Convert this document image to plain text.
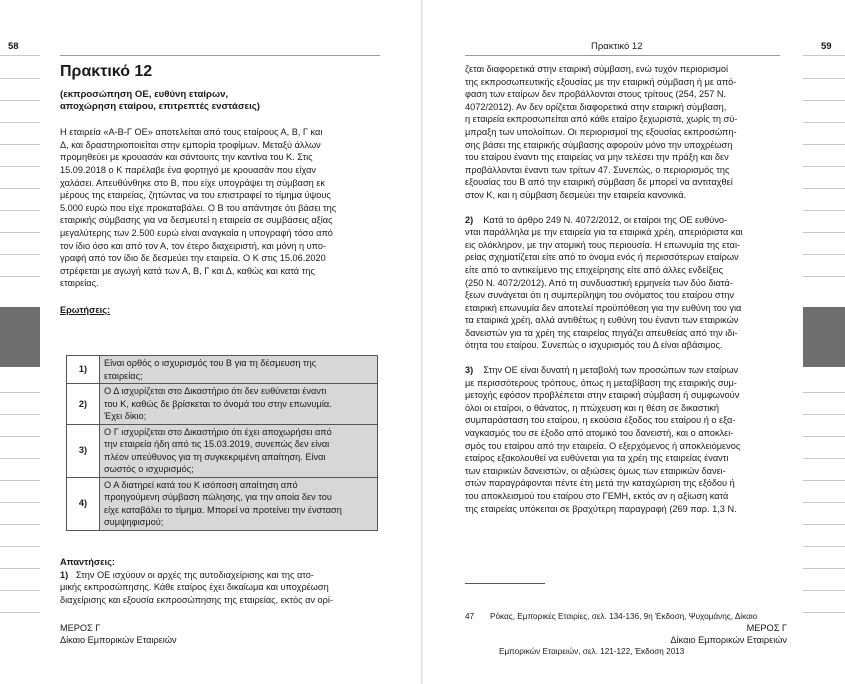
58

Πρακτικό 12

(εκπροσώπηση ΟΕ, ευθύνη εταίρων,

αποχώρηση εταίρου, επιτρεπτές ενστάσεις)

Η εταιρεία «Α-Β-Γ ΟΕ» αποτελείται από τους εταίρους Α, Β, Γ και

Δ, και δραστηριοποιείται στην εμπορία τροφίμων. Μεταξύ άλλων

προμηθεύει με κρουασάν και σάντουιτς την καντίνα του Κ. Στις

15.09.2018 ο Κ παρέλαβε ένα φορτηγό με κρουασάν που είχαν

χαλάσει. Απευθύνθηκε στο Β, που είχε υπογράψει τη σύμβαση εκ

μέρους της εταιρείας, ζητώντας να του επιστραφεί το τίμημα ύψους

5.000 ευρώ που είχε προκαταβάλει. Ο Β του απάντησε ότι βάσει της

εταιρικής σύμβασης για να δεσμευτεί η εταιρεία σε συμβάσεις αξίας

μεγαλύτερης των 2.500 ευρώ είναι αναγκαία η υπογραφή τόσο από

τον ίδιο όσο και από τον Α, τον έτερο διαχειριστή, και μόνη η υπο-

γραφή από τον ίδιο δε δεσμεύει την εταιρεία. Ο Κ στις 15.06.2020

στρέφεται με αγωγή κατά των Α, Β, Γ και Δ, καθώς και κατά της

εταιρείας.

Ερωτήσεις:

1)	Είναι ορθός ο ισχυρισμός του Β για τη δέσμευση της
εταιρείας;

2)	Ο Δ ισχυρίζεται στο Δικαστήριο ότι δεν ευθύνεται έναντι
του Κ, καθώς δε βρίσκεται το όνομά του στην επωνυμία.
Έχει δίκιο;

3)	Ο Γ ισχυρίζεται στο Δικαστήριο ότι έχει αποχωρήσει από
την εταιρεία ήδη από τις 15.03.2019, συνεπώς δεν είναι
πλέον υπεύθυνος για τη συγκεκριμένη απαίτηση. Είναι
σωστός ο ισχυρισμός;

4)	Ο Α διατηρεί κατά του Κ ισόποση απαίτηση από
προηγούμενη σύμβαση πώλησης, για την οποία δεν του
είχε καταβάλει το τίμημα. Μπορεί να προτείνει την ένσταση
συμψηφισμού;

Απαντήσεις:

1) Στην ΟΕ ισχύουν οι αρχές της αυτοδιαχείρισης και της ατο-

μικής εκπροσώπησης. Κάθε εταίρος έχει δικαίωμα και υποχρέωση

διαχείρισης και εξουσία εκπροσώπησης της εταιρείας, εκτός αν ορί-

ΜΕΡΟΣ Γ
Δίκαιο Εμπορικών Εταιρειών
Πρακτικό 12	59

ζεται διαφορετικά στην εταιρική σύμβαση, ενώ τυχόν περιορισμοί

της εκπροσωπευτικής εξουσίας με την εταιρική σύμβαση ή με από-

φαση των εταίρων δεν προβάλλονται στους τρίτους (254, 257 Ν.

4072/2012). Αν δεν ορίζεται διαφορετικά στην εταιρική σύμβαση,

η εταιρεία εκπροσωπείται από κάθε εταίρο ξεχωριστά, χωρίς τη σύ-

μπραξη των υπολοίπων. Οι περιορισμοί της εξουσίας εκπροσώπη-

σης βάσει της εταιρικής σύμβασης αφορούν μόνο την υποχρέωση

του εταίρου έναντι της εταιρείας να μην τελέσει την πράξη και δεν

προβάλλονται έναντι των τρίτων 47. Συνεπώς, ο περιορισμός της

εξουσίας του Β από την εταιρική σύμβαση δε μπορεί να αντιταχθεί

στον Κ, και η σύμβαση δεσμεύει την εταιρεία κανονικά.

2) Κατά το άρθρο 249 Ν. 4072/2012, οι εταίροι της ΟΕ ευθύνο-

νται παράλληλα με την εταιρεία για τα εταιρικά χρέη, απεριόριστα και

εις ολόκληρον, με την ατομική τους περιουσία. Η επωνυμία της εται-

ρείας σχηματίζεται είτε από το όνομα ενός ή περισσότερων εταίρων

είτε από το αντικείμενο της επιχείρησης είτε από άλλες ενδείξεις

(250 Ν. 4072/2012). Από τη συνδυαστική ερμηνεία των δύο διατά-

ξεων συνάγεται ότι η συμπερίληψη του ονόματος του εταίρου στην

εταιρική επωνυμία δεν αποτελεί προϋπόθεση για την ευθύνη του για

τα εταιρικά χρέη, αλλά αντιθέτως η ευθύνη του έναντι των εταιρικών

δανειστών για τα χρέη της εταιρείας πηγάζει απευθείας από την ιδι-

ότητα του εταίρου. Συνεπώς ο ισχυρισμός του Δ είναι αβάσιμος.

3) Στην ΟΕ είναι δυνατή η μεταβολή των προσώπων των εταίρων

με περισσότερους τρόπους, όπως η μεταβίβαση της εταιρικής συμ-

μετοχής εφόσον προβλέπεται στην εταιρική σύμβαση ή συμφωνούν

όλοι οι εταίροι, ο θάνατος, η πτώχευση και η θέση σε δικαστική

συμπαράσταση του εταίρου, η εκούσια έξοδος του εταίρου ή ο εξα-

ναγκασμός του σε έξοδο από ατομικό του δανειστή, και ο αποκλει-

σμός του εταίρου από την εταιρεία. Ο εξερχόμενος ή αποκλειόμενος

εταίρος εξακολουθεί να ευθύνεται για τα χρέη της εταιρείας έναντι

των εταιρικών δανειστών, οι αξιώσεις όμως των εταιρικών δανει-

στών παραγράφονται πέντε έτη μετά την καταχώριση της εξόδου ή

του αποκλεισμού του εταίρου στο ΓΕΜΗ, εκτός αν η αξίωση κατά

της εταιρείας υπόκειται σε βραχύτερη παραγραφή (269 παρ. 1,3 Ν.

47       Ρόκας, Εμπορικές Εταιρίες, σελ. 134-136, 9η Έκδοση, Ψυχομάνης, Δίκαιο

Εμπορικών Εταιρειών, σελ. 121-122, Έκδοση 2013

ΜΕΡΟΣ Γ
Δίκαιο Εμπορικών Εταιρειών
